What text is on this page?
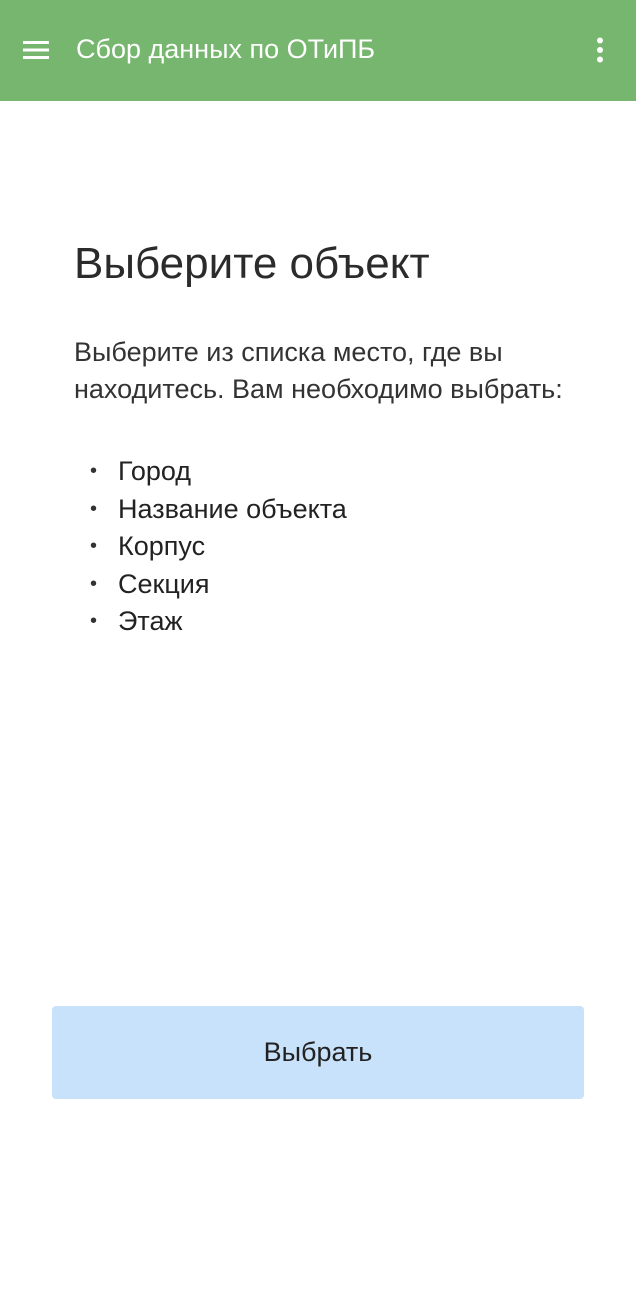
Сбор данных по ОТиПБ
Выберите объект

Выберите из списка место, где вы находитесь. Вам необходимо выбрать:

• Город
• Название объекта
• Корпус
• Секция
• Этаж
Выбрать
